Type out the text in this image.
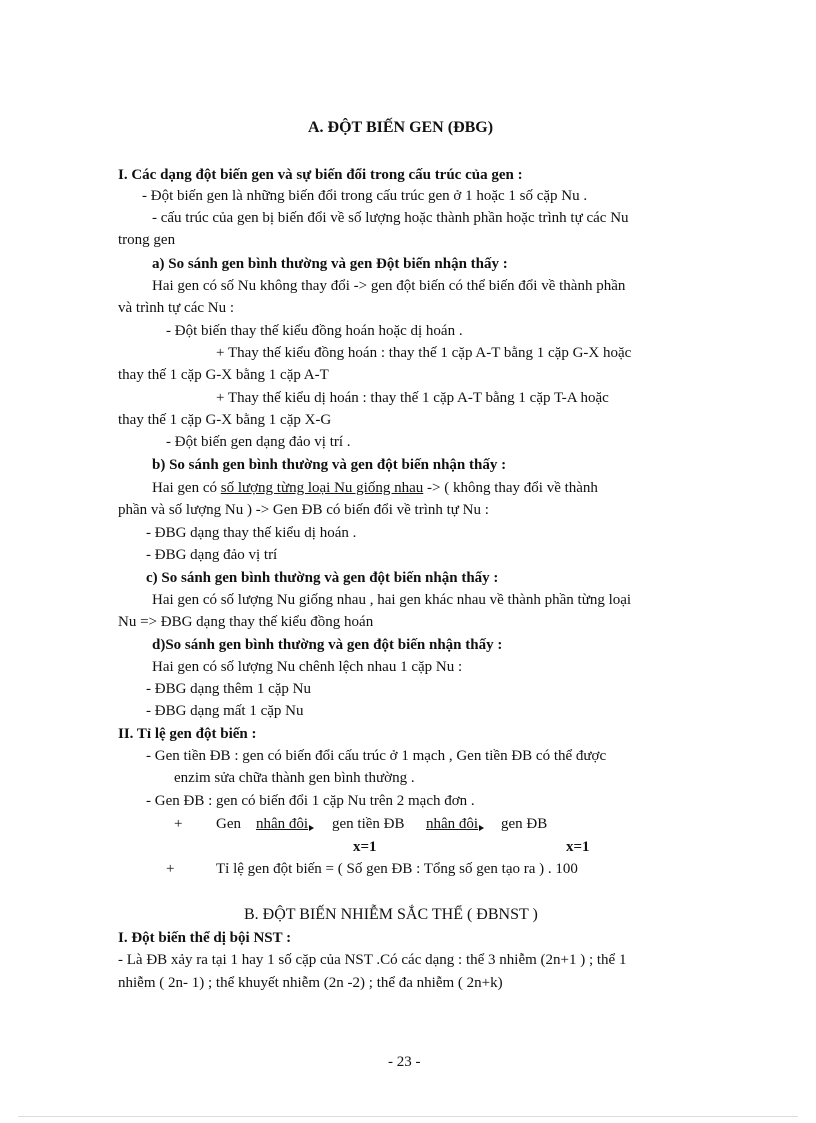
A. ĐỘT BIẾN GEN (ĐBG)
I. Các dạng đột biến gen và sự biến đổi trong cấu trúc của gen :
- Đột biến gen là những biến đổi trong cấu trúc gen ở 1 hoặc 1 số cặp Nu .
- cấu trúc của gen bị biến đổi về số lượng hoặc thành phần hoặc trình tự các Nu
trong gen
a) So sánh gen bình thường và gen Đột biến nhận thấy :
Hai gen có số Nu không thay đổi -> gen đột biến có thể biến đổi về thành phần
và trình tự các Nu :
- Đột biến thay thế kiểu đồng hoán hoặc dị hoán .
+ Thay thế kiểu đồng hoán : thay thế 1 cặp A-T bằng 1 cặp G-X hoặc
thay thế 1 cặp G-X bằng 1 cặp A-T
+ Thay thế kiểu dị hoán : thay thế 1 cặp A-T bằng 1 cặp T-A hoặc
thay thế 1 cặp G-X bằng 1 cặp X-G
- Đột biến gen dạng đảo vị trí .
b) So sánh gen bình thường và gen đột biến nhận thấy :
Hai gen có số lượng từng loại Nu giống nhau -> ( không thay đổi về thành
phần và số lượng Nu ) -> Gen ĐB có biến đổi về trình tự Nu :
- ĐBG dạng thay thế kiểu dị hoán .
- ĐBG dạng đảo vị trí
c) So sánh gen bình thường và gen đột biến nhận thấy :
Hai gen có số lượng Nu giống nhau , hai gen khác nhau về thành phần từng loại
Nu => ĐBG dạng thay thế kiểu đồng hoán
d)So sánh gen bình thường và gen đột biến nhận thấy :
Hai gen có số lượng Nu chênh lệch nhau 1 cặp Nu :
- ĐBG dạng thêm 1 cặp Nu
- ĐBG dạng mất 1 cặp Nu
II. Tỉ lệ gen đột biến :
- Gen tiền ĐB : gen có biến đổi cấu trúc ở 1 mạch , Gen tiền ĐB có thể được
enzim sửa chữa thành gen bình thường .
- Gen ĐB : gen có biến đổi 1 cặp Nu trên 2 mạch đơn .
+ Gen nhân đôi gen tiền ĐB nhân đôi gen ĐB
x=1	x=1
+	Tỉ lệ gen đột biến = ( Số gen ĐB : Tổng số gen tạo ra ) . 100
B. ĐỘT BIẾN NHIỄM SẮC THỂ ( ĐBNST )
I. Đột biến thể dị bội NST :
- Là ĐB xảy ra tại 1 hay 1 số cặp của NST .Có các dạng : thể 3 nhiễm (2n+1 ) ; thể 1
nhiễm ( 2n- 1) ; thể khuyết nhiễm (2n -2) ; thể đa nhiễm ( 2n+k)
- 23 -
